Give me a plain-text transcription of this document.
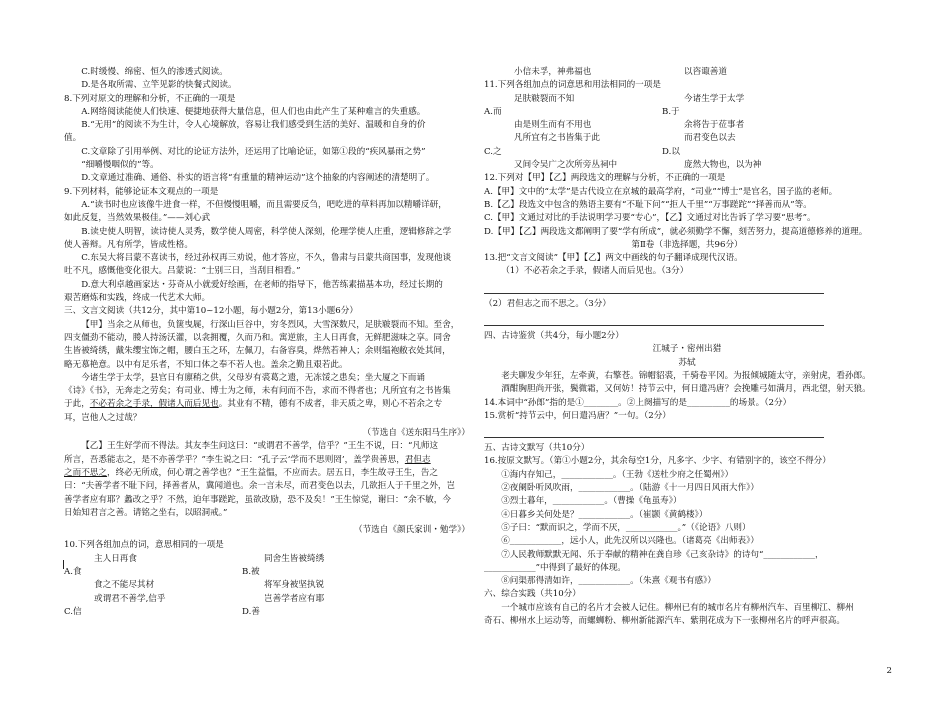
C.时缓慢、绵密、恒久的渗透式阅读。
D.是各取所需、立竿见影的快餐式阅读。
8.下列对原文的理解和分析，不正确的一项是
A.网络阅读能使人们快速、便捷地获得大量信息，但人们也由此产生了某种难言的失重感。
B.“无用”的阅读不为生计，令人心境解放，容易让我们感受到生活的美好、温暖和自身的价
值。
C.文章除了引用举例、对比的论证方法外，还运用了比喻论证，如第①段的“疾风暴雨之势”
“细嚼慢咽似的”等。
D.文章通过准确、通俗、朴实的语言将“有重量的精神运动”这个抽象的内容阐述的清楚明了。
9.下列材料，能够论证本文观点的一项是
A.“读书时也应该像牛进食一样，不但慢慢咀嚼，而且需要反刍，吧吃进的草料再加以精嚼详研，
如此反复，当然效果极佳。”——刘心武
B.读史使人明智，读诗使人灵秀，数学使人周密，科学使人深刻，伦理学使人庄重，逻辑修辞之学
使人善辩。凡有所学，皆成性格。
C.东吴大将吕蒙不喜读书，经过孙权再三劝说，他才答应，不久，鲁肃与吕蒙共商国事，发现他谈
吐不凡，感慨他变化很大。吕蒙说：“士别三日，当刮目相看。”
D.意大利卓越画家达・芬奇从小就爱好绘画，在老师的指导下，他苦练素描基本功，经过长期的
艰苦磨炼和实践，终成一代艺术大师。
三、文言文阅读（共12分，其中第10~12小题，每小题2分，第13小题6分）
【甲】当余之从师也，负箧曳屣，行深山巨谷中，穷冬烈风，大雪深数尺，足肤皲裂而不知。至舍，
四支僵劲不能动，媵人持汤沃灌，以衾拥覆，久而乃和。寓逆旅，主人日再食，无鲜肥滋味之享。同舍
生皆被绮绣，戴朱缨宝饰之帽，腰白玉之环，左佩刀，右备容臭，烨然若神人；余则缊袍敝衣处其间，
略无慕艳意。以中有足乐者，不知口体之奉不若人也。盖余之勤且艰若此。
今诸生学于太学，县官日有廪稍之供，父母岁有裘葛之遗，无冻馁之患矣；坐大厦之下而诵
《诗》《书》，无奔走之劳矣；有司业、博士为之师，未有问而不告，求而不得者也；凡所宜有之书皆集
于此，不必若余之手录，假诸人而后见也。其业有不精，德有不成者，非天质之卑，则心不若余之专
耳，岂他人之过哉？
（节选自《送东阳马生序》）
【乙】王生好学而不得法。其友李生问这曰：“或谓君不善学，信乎？”王生不说，曰：“凡师这
所言，吾悉能志之，是不亦善学乎？”李生说之曰：“孔子云‘学而不思则罔’，盖学贵善思，君但志
之而不思之，终必无所成，何心谓之善学也？”王生益愠，不应而去。居五日，李生故寻王生，告之
曰：“夫善学者不耻下问，择善者从，冀闻道也。余一言未尽，而君变色以去，几欲拒人于千里之外，岂
善学者应有耶？蠡改之乎？不然，迫年事蹉跎，虽欲改励，恐不及矣！”王生惊觉，谢曰：“余不敏，今
日始知君言之善。请铭之坐右，以昭洞戒。”
（节选自《颜氏家训・勉学》）
10.下列各组加点的词，意思相同的一项是
主人日再食	同舍生皆被绮绣
A.食	B.被
食之不能尽其材	将军身被坚执锐
或谓君不善学,信乎	岂善学者应有耶
C.信	D.善
小信未孚，神弗福也	以咨诹善道
11.下列各组加点的词意思和用法相同的一项是
足肤皲裂而不知	今诸生学于太学
A.而	B.于
由是则生而有不用也	余将告于莅事者
凡所宜有之书皆集于此	而君变色以去
C.之	D.以
又间令吴广之次所旁丛祠中	庞然大物也，以为神
12.下列对【甲】【乙】两段选文的理解与分析，不正确的一项是
A.【甲】文中的“太学”是古代设立在京城的最高学府，“司业”“博士”是官名，国子监的老师。
B.【乙】段选文中包含的熟语主要有“不耻下问”“拒人千里”“万事蹉跎”“择善而从”等。
C.【甲】文通过对比的手法说明学习要“专心”，【乙】文通过对比告诉了学习要“思考”。
D.【甲】【乙】两段选文都阐明了要“学有所成”，就必须勤学不懈，刻苦努力，提高道德修养的道理。
第Ⅱ卷（非选择题，共96分）
13.把“文言文阅读”【甲】【乙】两文中画线的句子翻译成现代汉语。
（1）不必若余之手录，假诸人而后见也。（3分）
（2）君但志之而不思之。（3分）
四、古诗鉴赏（共4分，每小题2分）
江城子・密州出猎
苏轼
老夫聊发少年狂，左牵黄，右擎苍。锦帽貂裘，千骑卷平冈。为报倾城随太守，亲射虎，看孙郎。
酒酣胸胆尚开张，鬓微霜，又何妨！持节云中，何日遣冯唐？会挽雕弓如满月，西北望，射天狼。
14.本词中“孙郎”指的是①________。②上阕描写的是__________的场景。（2分）
15.赏析“持节云中，何日遣冯唐？”一句。（2分）
五、古诗文默写（共10分）
16.按原文默写。（第①小题2分，其余每空1分，凡多字、少字、有错别字的，该空不得分）
①海内存知己，____________。（王勃《送杜少府之任蜀州》）
②夜阑卧听风吹雨，____________。（陆游《十一月四日风雨大作》）
③烈士暮年，____________。（曹操《龟虽寿》）
④日暮乡关何处是？____________。（崔颢《黄鹤楼》）
⑤子曰：“默而识之，学而不厌，____________。”（《论语》八则）
⑥____________，远小人，此先汉所以兴隆也。（诸葛亮《出师表》）
⑦人民教师默默无闻、乐于奉献的精神在龚自珍《己亥杂诗》的诗句“____________，
____________”中得到了最好的体现。
⑧问渠那得清如许，____________。（朱熹《观书有感》）
六、综合实践（共10分）
一个城市应该有自己的名片才会被人记住。柳州已有的城市名片有柳州汽车、百里柳江、柳州
奇石、柳州水上运动等，而螺蛳粉、柳州新能源汽车、紫荆花成为下一张柳州名片的呼声很高。
2
